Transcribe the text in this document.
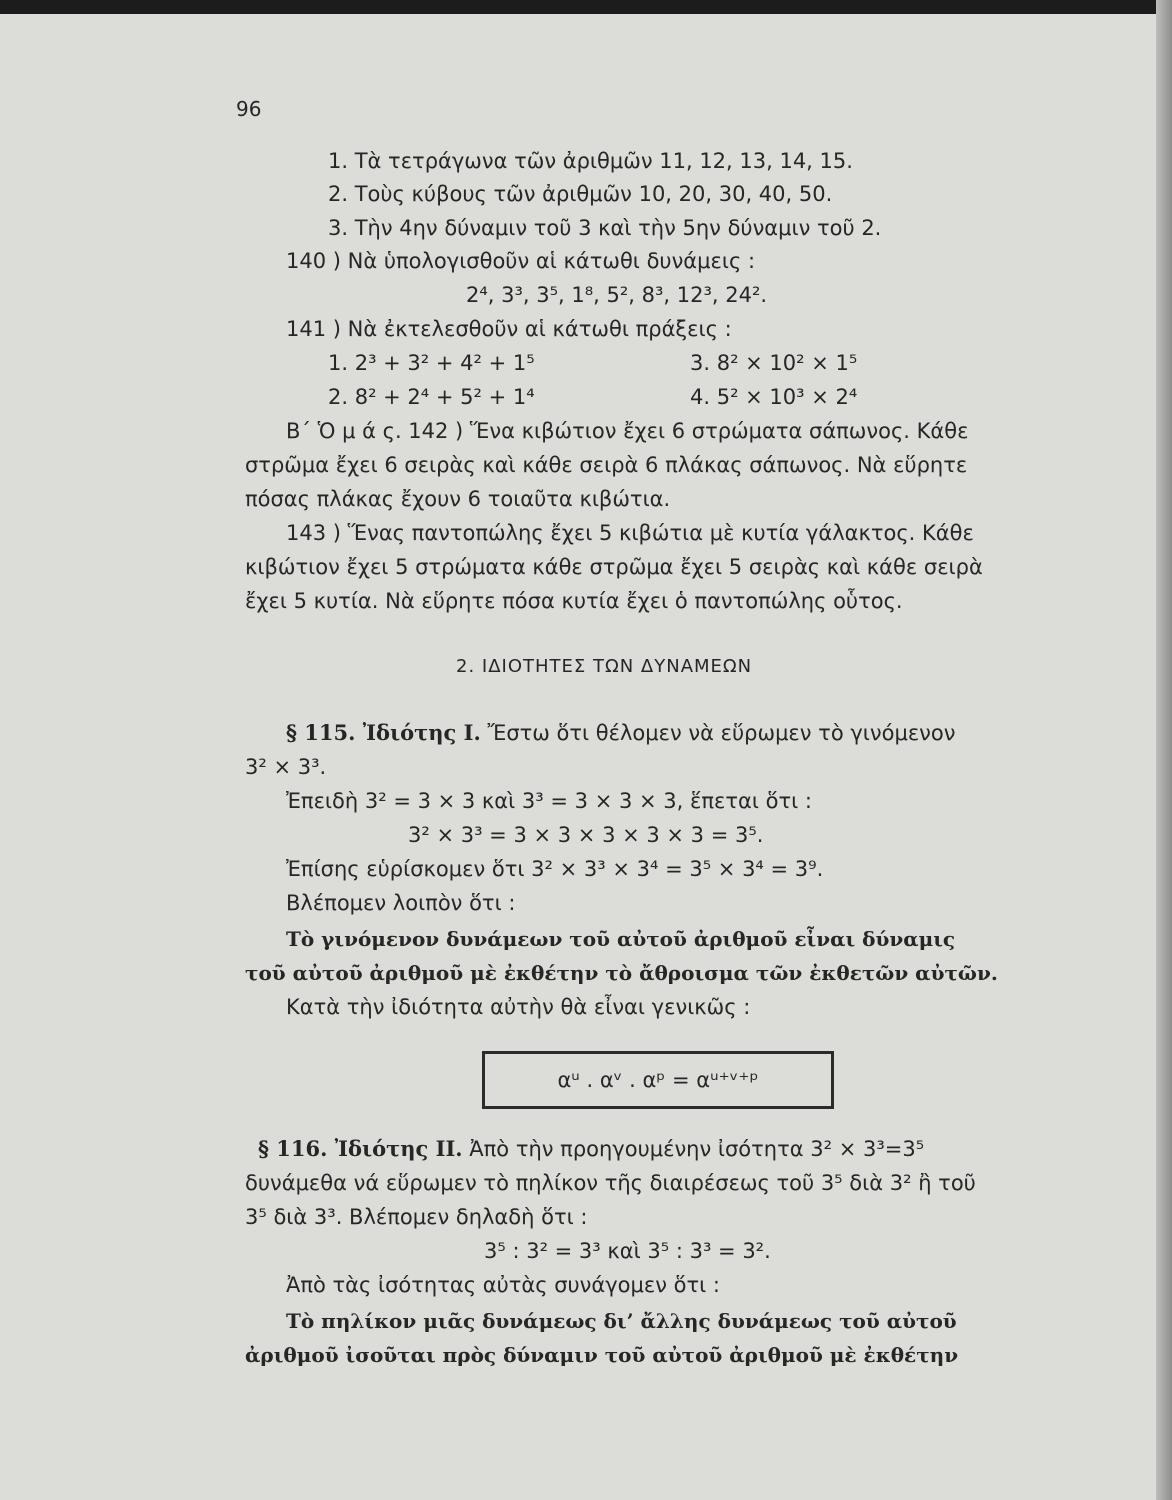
96
1. Τὰ τετράγωνα τῶν ἀριθμῶν 11, 12, 13, 14, 15.
2. Τοὺς κύβους τῶν ἀριθμῶν 10, 20, 30, 40, 50.
3. Τὴν 4ην δύναμιν τοῦ 3 καὶ τὴν 5ην δύναμιν τοῦ 2.
140 ) Νὰ ὑπολογισθοῦν αἱ κάτωθι δυνάμεις :
2⁴, 3³, 3⁵, 1⁸, 5², 8³, 12³, 24².
141 ) Νὰ ἐκτελεσθοῦν αἱ κάτωθι πράξεις :
1. 2³ + 3² + 4² + 1⁵	3. 8² × 10² × 1⁵
2. 8² + 2⁴ + 5² + 1⁴	4. 5² × 10³ × 2⁴
Β΄ Ὁ μ ά ς. 142 ) Ἕνα κιβώτιον ἔχει 6 στρώματα σάπωνος. Κάθε
στρῶμα ἔχει 6 σειρὰς καὶ κάθε σειρὰ 6 πλάκας σάπωνος. Νὰ εὕρητε
πόσας πλάκας ἔχουν 6 τοιαῦτα κιβώτια.
143 ) Ἕνας παντοπώλης ἔχει 5 κιβώτια μὲ κυτία γάλακτος. Κάθε
κιβώτιον ἔχει 5 στρώματα κάθε στρῶμα ἔχει 5 σειρὰς καὶ κάθε σειρὰ
ἔχει 5 κυτία. Νὰ εὕρητε πόσα κυτία ἔχει ὁ παντοπώλης οὗτος.
2. ΙΔΙΟΤΗΤΕΣ ΤΩΝ ΔΥΝΑΜΕΩΝ
§ 115. Ἰδιότης I. Ἔστω ὅτι θέλομεν νὰ εὕρωμεν τὸ γινόμενον
3² × 3³.
Ἐπειδὴ 3² = 3 × 3 καὶ 3³ = 3 × 3 × 3, ἕπεται ὅτι :
3² × 3³ = 3 × 3 × 3 × 3 × 3 = 3⁵.
Ἐπίσης εὑρίσκομεν ὅτι 3² × 3³ × 3⁴ = 3⁵ × 3⁴ = 3⁹.
Βλέπομεν λοιπὸν ὅτι :
Τὸ γινόμενον δυνάμεων τοῦ αὐτοῦ ἀριθμοῦ εἶναι δύναμις
τοῦ αὐτοῦ ἀριθμοῦ μὲ ἐκθέτην τὸ ἄθροισμα τῶν ἐκθετῶν αὐτῶν.
Κατὰ τὴν ἰδιότητα αὐτὴν θὰ εἶναι γενικῶς :
αᵘ . αᵛ . αᵖ = αᵘ⁺ᵛ⁺ᵖ
§ 116. Ἰδιότης II. Ἀπὸ τὴν προηγουμένην ἰσότητα 3² × 3³=3⁵
δυνάμεθα νά εὕρωμεν τὸ πηλίκον τῆς διαιρέσεως τοῦ 3⁵ διὰ 3² ἢ τοῦ
3⁵ διὰ 3³. Βλέπομεν δηλαδὴ ὅτι :
3⁵ : 3² = 3³ καὶ 3⁵ : 3³ = 3².
Ἀπὸ τὰς ἰσότητας αὐτὰς συνάγομεν ὅτι :
Τὸ πηλίκον μιᾶς δυνάμεως δι’ ἄλλης δυνάμεως τοῦ αὐτοῦ
ἀριθμοῦ ἰσοῦται πρὸς δύναμιν τοῦ αὐτοῦ ἀριθμοῦ μὲ ἐκθέτην
